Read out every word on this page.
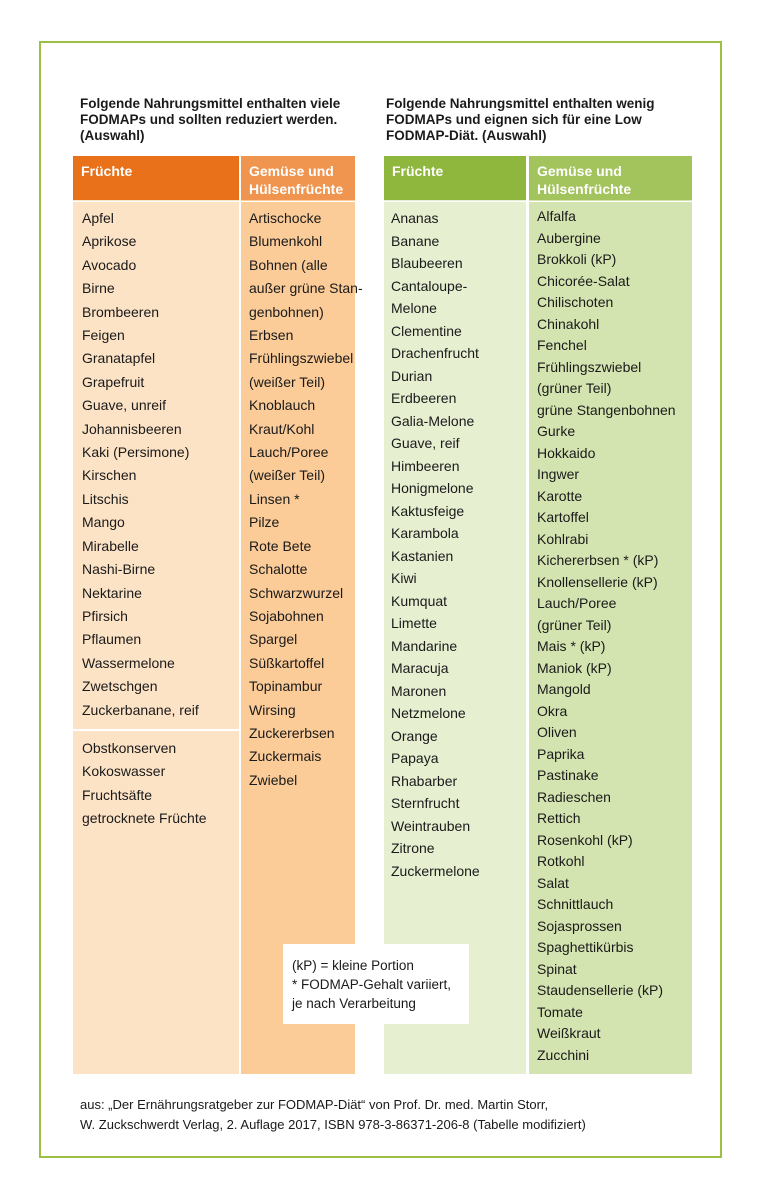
Folgende Nahrungsmittel enthalten viele
FODMAPs und sollten reduziert werden.
(Auswahl)
Folgende Nahrungsmittel enthalten wenig
FODMAPs und eignen sich für eine Low
FODMAP-Diät. (Auswahl)
Früchte	Gemüse und
Hülsenfrüchte
Apfel
Aprikose
Avocado
Birne
Brombeeren
Feigen
Granatapfel
Grapefruit
Guave, unreif
Johannisbeeren
Kaki (Persimone)
Kirschen
Litschis
Mango
Mirabelle
Nashi-Birne
Nektarine
Pfirsich
Pflaumen
Wassermelone
Zwetschgen
Zuckerbanane, reif
Obstkonserven
Kokoswasser
Fruchtsäfte
getrocknete Früchte
Artischocke
Blumenkohl
Bohnen (alle
außer grüne Stan-
genbohnen)
Erbsen
Frühlingszwiebel
(weißer Teil)
Knoblauch
Kraut/Kohl
Lauch/Poree
(weißer Teil)
Linsen *
Pilze
Rote Bete
Schalotte
Schwarzwurzel
Sojabohnen
Spargel
Süßkartoffel
Topinambur
Wirsing
Zuckererbsen
Zuckermais
Zwiebel
Früchte	Gemüse und
Hülsenfrüchte
Ananas
Banane
Blaubeeren
Cantaloupe-
Melone
Clementine
Drachenfrucht
Durian
Erdbeeren
Galia-Melone
Guave, reif
Himbeeren
Honigmelone
Kaktusfeige
Karambola
Kastanien
Kiwi
Kumquat
Limette
Mandarine
Maracuja
Maronen
Netzmelone
Orange
Papaya
Rhabarber
Sternfrucht
Weintrauben
Zitrone
Zuckermelone
Alfalfa
Aubergine
Brokkoli (kP)
Chicorée-Salat
Chilischoten
Chinakohl
Fenchel
Frühlingszwiebel
(grüner Teil)
grüne Stangenbohnen
Gurke
Hokkaido
Ingwer
Karotte
Kartoffel
Kohlrabi
Kichererbsen * (kP)
Knollensellerie (kP)
Lauch/Poree
(grüner Teil)
Mais * (kP)
Maniok (kP)
Mangold
Okra
Oliven
Paprika
Pastinake
Radieschen
Rettich
Rosenkohl (kP)
Rotkohl
Salat
Schnittlauch
Sojasprossen
Spaghettikürbis
Spinat
Staudensellerie (kP)
Tomate
Weißkraut
Zucchini
(kP) = kleine Portion
* FODMAP-Gehalt variiert,
je nach Verarbeitung
aus: „Der Ernährungsratgeber zur FODMAP-Diät“ von Prof. Dr. med. Martin Storr,
W. Zuckschwerdt Verlag, 2. Auflage 2017, ISBN 978-3-86371-206-8 (Tabelle modifiziert)
